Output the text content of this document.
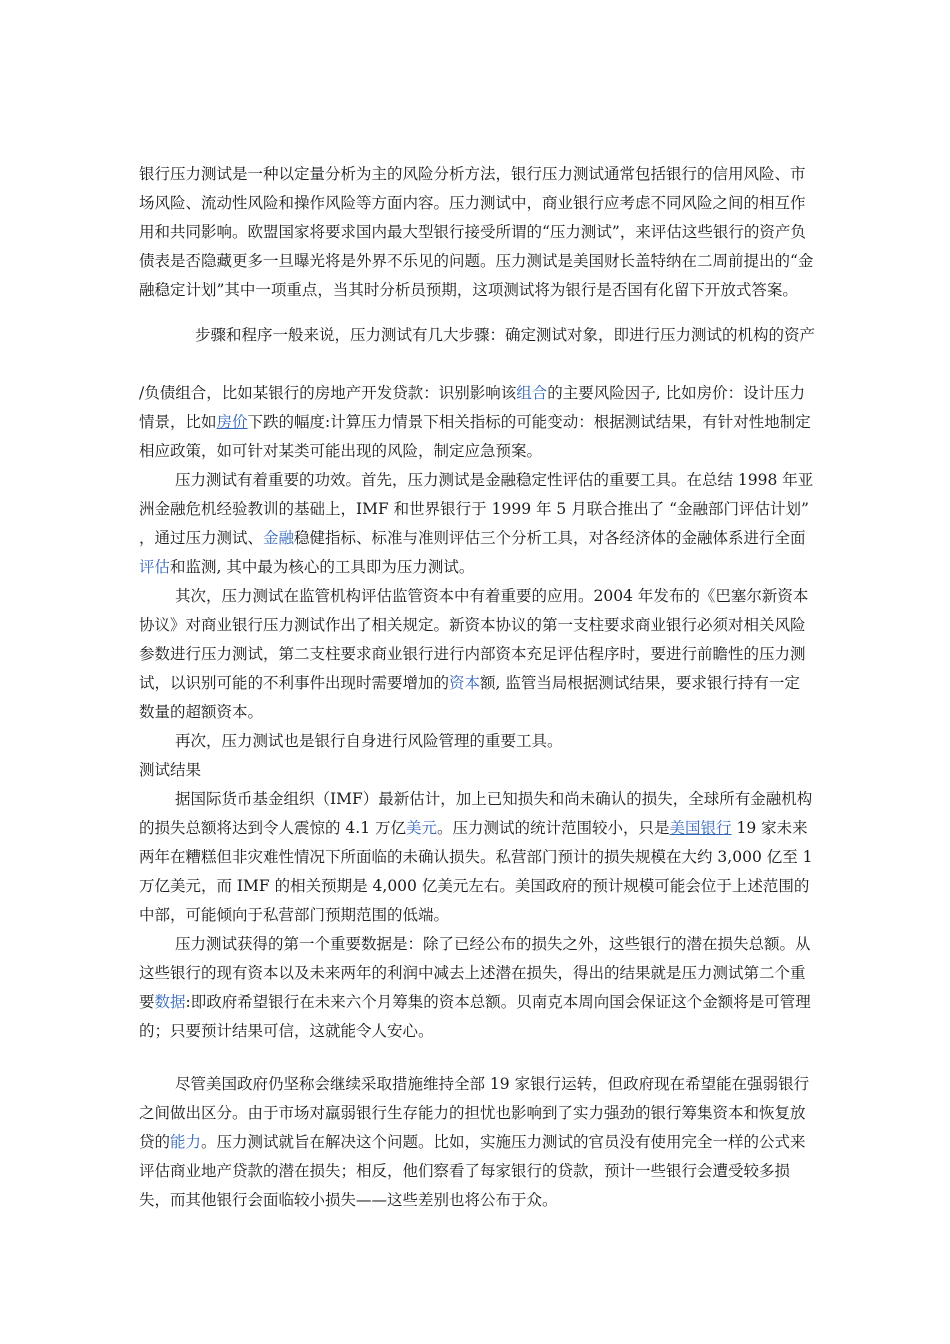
银行压力测试是一种以定量分析为主的风险分析方法，银行压力测试通常包括银行的信用风险、市场风险、流动性风险和操作风险等方面内容。压力测试中，商业银行应考虑不同风险之间的相互作用和共同影响。欧盟国家将要求国内最大型银行接受所谓的“压力测试”，来评估这些银行的资产负债表是否隐藏更多一旦曝光将是外界不乐见的问题。压力测试是美国财长盖特纳在二周前提出的“金融稳定计划”其中一项重点，当其时分析员预期，这项测试将为银行是否国有化留下开放式答案。

步骤和程序一般来说，压力测试有几大步骤：确定测试对象，即进行压力测试的机构的资产

/负债组合，比如某银行的房地产开发贷款：识别影响该组合的主要风险因子, 比如房价：设计压力情景，比如房价下跌的幅度:计算压力情景下相关指标的可能变动：根据测试结果，有针对性地制定相应政策，如可针对某类可能出现的风险，制定应急预案。

压力测试有着重要的功效。首先，压力测试是金融稳定性评估的重要工具。在总结 1998 年亚洲金融危机经验教训的基础上，IMF 和世界银行于 1999 年 5 月联合推出了 “金融部门评估计划” ，通过压力测试、金融稳健指标、标准与准则评估三个分析工具，对各经济体的金融体系进行全面评估和监测, 其中最为核心的工具即为压力测试。

其次，压力测试在监管机构评估监管资本中有着重要的应用。2004 年发布的《巴塞尔新资本协议》对商业银行压力测试作出了相关规定。新资本协议的第一支柱要求商业银行必须对相关风险参数进行压力测试，第二支柱要求商业银行进行内部资本充足评估程序时，要进行前瞻性的压力测试，以识别可能的不利事件出现时需要增加的资本额, 监管当局根据测试结果，要求银行持有一定数量的超额资本。

再次，压力测试也是银行自身进行风险管理的重要工具。

测试结果

据国际货币基金组织（IMF）最新估计，加上已知损失和尚未确认的损失，全球所有金融机构的损失总额将达到令人震惊的 4.1 万亿美元。压力测试的统计范围较小，只是美国银行 19 家未来两年在糟糕但非灾难性情况下所面临的未确认损失。私营部门预计的损失规模在大约 3,000 亿至 1 万亿美元，而 IMF 的相关预期是 4,000 亿美元左右。美国政府的预计规模可能会位于上述范围的中部，可能倾向于私营部门预期范围的低端。

压力测试获得的第一个重要数据是：除了已经公布的损失之外，这些银行的潜在损失总额。从这些银行的现有资本以及未来两年的利润中减去上述潜在损失，得出的结果就是压力测试第二个重要数据:即政府希望银行在未来六个月筹集的资本总额。贝南克本周向国会保证这个金额将是可管理的；只要预计结果可信，这就能令人安心。

尽管美国政府仍坚称会继续采取措施维持全部 19 家银行运转，但政府现在希望能在强弱银行之间做出区分。由于市场对羸弱银行生存能力的担忧也影响到了实力强劲的银行筹集资本和恢复放贷的能力。压力测试就旨在解决这个问题。比如，实施压力测试的官员没有使用完全一样的公式来评估商业地产贷款的潜在损失；相反，他们察看了每家银行的贷款，预计一些银行会遭受较多损失，而其他银行会面临较小损失——这些差别也将公布于众。
